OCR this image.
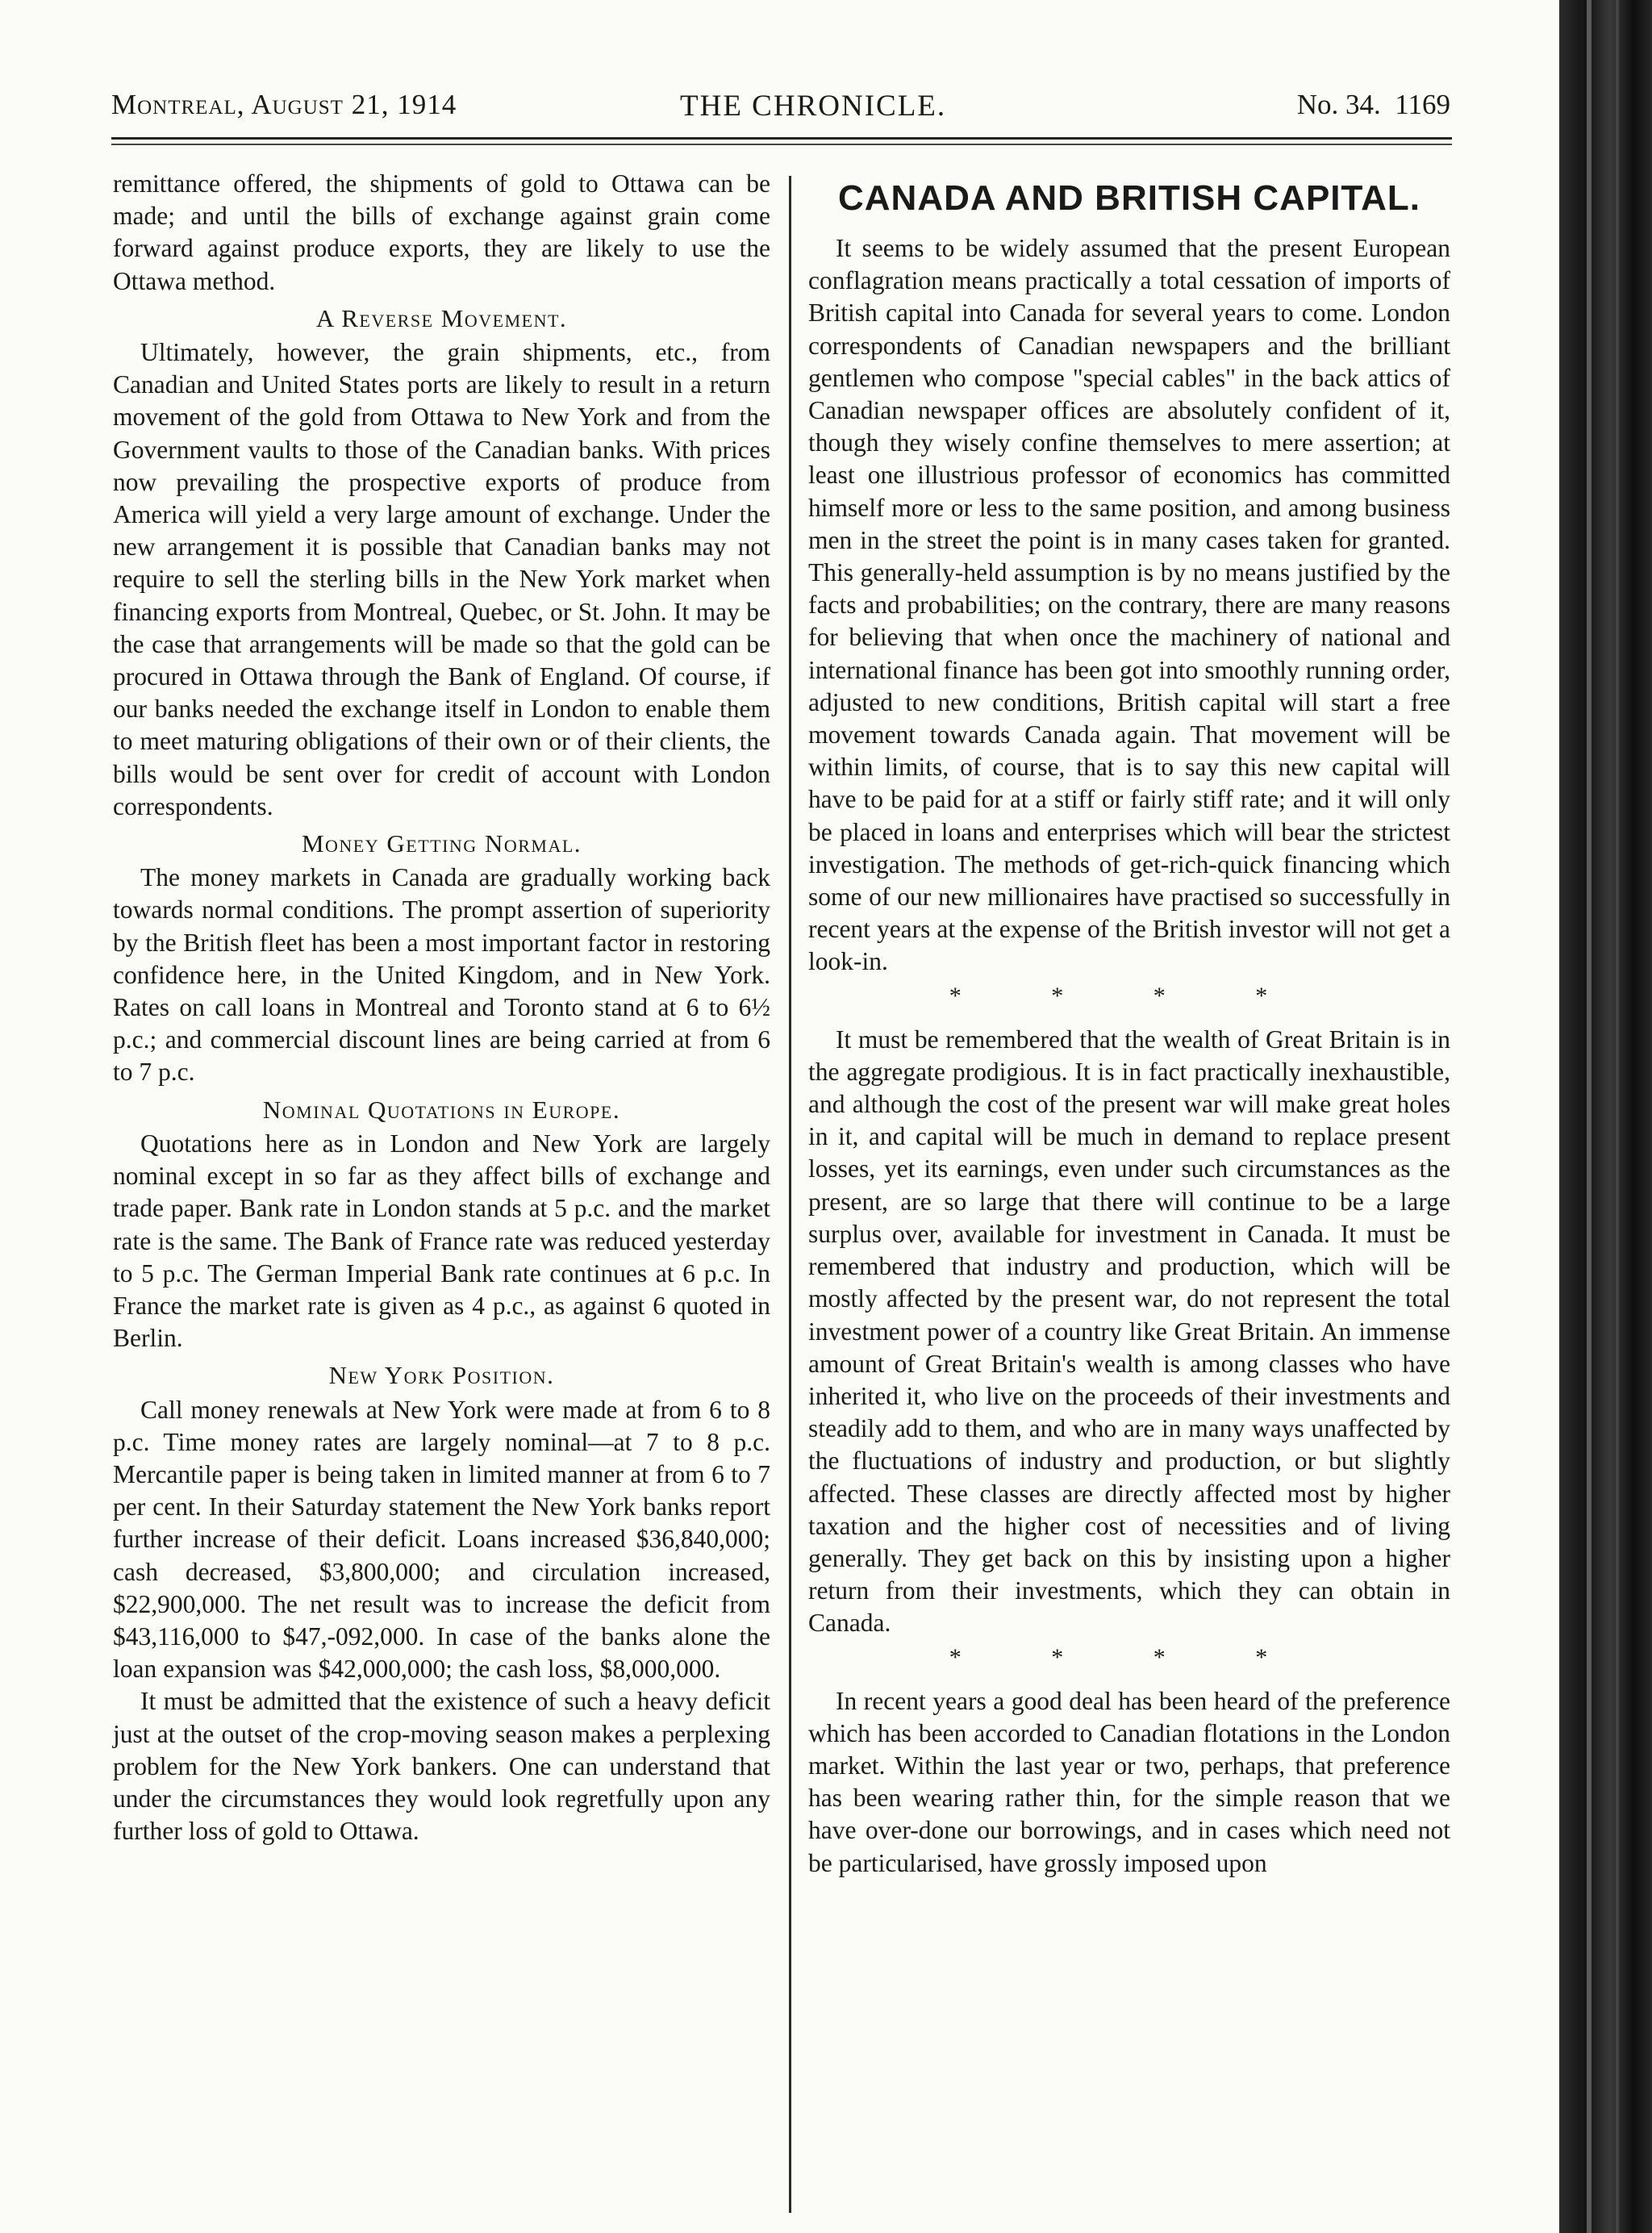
Montreal, August 21, 1914	THE CHRONICLE.	No. 34. 1169

remittance offered, the shipments of gold to Ottawa can be made; and until the bills of exchange against grain come forward against produce exports, they are likely to use the Ottawa method.

A Reverse Movement.

Ultimately, however, the grain shipments, etc., from Canadian and United States ports are likely to result in a return movement of the gold from Ottawa to New York and from the Government vaults to those of the Canadian banks. With prices now prevailing the prospective exports of produce from America will yield a very large amount of exchange. Under the new arrangement it is possible that Canadian banks may not require to sell the sterling bills in the New York market when financing exports from Montreal, Quebec, or St. John. It may be the case that arrangements will be made so that the gold can be procured in Ottawa through the Bank of England. Of course, if our banks needed the exchange itself in London to enable them to meet maturing obligations of their own or of their clients, the bills would be sent over for credit of account with London correspondents.

Money Getting Normal.

The money markets in Canada are gradually working back towards normal conditions. The prompt assertion of superiority by the British fleet has been a most important factor in restoring confidence here, in the United Kingdom, and in New York. Rates on call loans in Montreal and Toronto stand at 6 to 6½ p.c.; and commercial discount lines are being carried at from 6 to 7 p.c.

Nominal Quotations in Europe.

Quotations here as in London and New York are largely nominal except in so far as they affect bills of exchange and trade paper. Bank rate in London stands at 5 p.c. and the market rate is the same. The Bank of France rate was reduced yesterday to 5 p.c. The German Imperial Bank rate continues at 6 p.c. In France the market rate is given as 4 p.c., as against 6 quoted in Berlin.

New York Position.

Call money renewals at New York were made at from 6 to 8 p.c. Time money rates are largely nominal—at 7 to 8 p.c. Mercantile paper is being taken in limited manner at from 6 to 7 per cent. In their Saturday statement the New York banks report further increase of their deficit. Loans increased $36,840,000; cash decreased, $3,800,000; and circulation increased, $22,900,000. The net result was to increase the deficit from $43,116,000 to $47,-092,000. In case of the banks alone the loan expansion was $42,000,000; the cash loss, $8,000,000.

It must be admitted that the existence of such a heavy deficit just at the outset of the crop-moving season makes a perplexing problem for the New York bankers. One can understand that under the circumstances they would look regretfully upon any further loss of gold to Ottawa.

CANADA AND BRITISH CAPITAL.

It seems to be widely assumed that the present European conflagration means practically a total cessation of imports of British capital into Canada for several years to come. London correspondents of Canadian newspapers and the brilliant gentlemen who compose "special cables" in the back attics of Canadian newspaper offices are absolutely confident of it, though they wisely confine themselves to mere assertion; at least one illustrious professor of economics has committed himself more or less to the same position, and among business men in the street the point is in many cases taken for granted. This generally-held assumption is by no means justified by the facts and probabilities; on the contrary, there are many reasons for believing that when once the machinery of national and international finance has been got into smoothly running order, adjusted to new conditions, British capital will start a free movement towards Canada again. That movement will be within limits, of course, that is to say this new capital will have to be paid for at a stiff or fairly stiff rate; and it will only be placed in loans and enterprises which will bear the strictest investigation. The methods of get-rich-quick financing which some of our new millionaires have practised so successfully in recent years at the expense of the British investor will not get a look-in.

* * * *

It must be remembered that the wealth of Great Britain is in the aggregate prodigious. It is in fact practically inexhaustible, and although the cost of the present war will make great holes in it, and capital will be much in demand to replace present losses, yet its earnings, even under such circumstances as the present, are so large that there will continue to be a large surplus over, available for investment in Canada. It must be remembered that industry and production, which will be mostly affected by the present war, do not represent the total investment power of a country like Great Britain. An immense amount of Great Britain's wealth is among classes who have inherited it, who live on the proceeds of their investments and steadily add to them, and who are in many ways unaffected by the fluctuations of industry and production, or but slightly affected. These classes are directly affected most by higher taxation and the higher cost of necessities and of living generally. They get back on this by insisting upon a higher return from their investments, which they can obtain in Canada.

* * * *

In recent years a good deal has been heard of the preference which has been accorded to Canadian flotations in the London market. Within the last year or two, perhaps, that preference has been wearing rather thin, for the simple reason that we have over-done our borrowings, and in cases which need not be particularised, have grossly imposed upon
